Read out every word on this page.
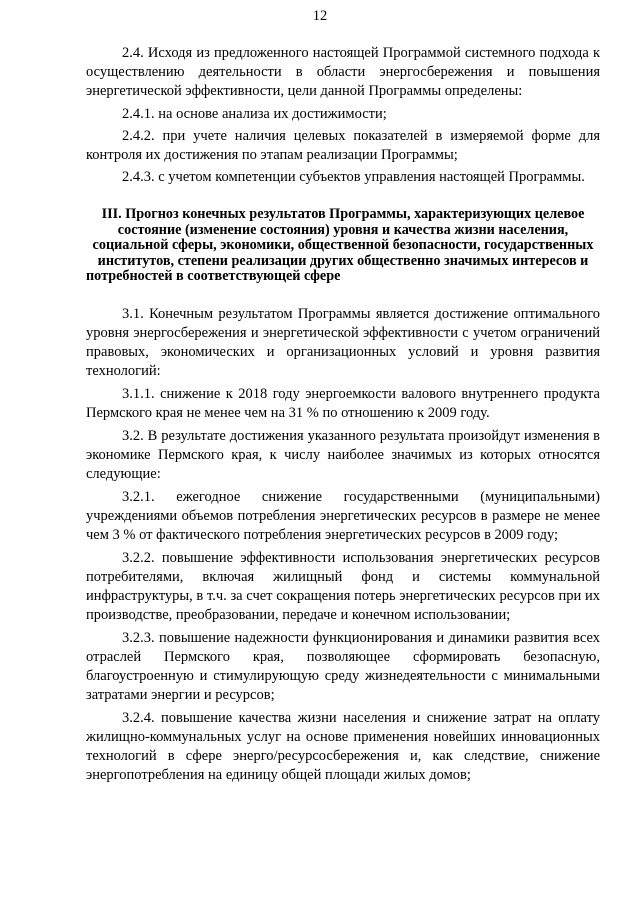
12

2.4. Исходя из предложенного настоящей Программой системного подхода к осуществлению деятельности в области энергосбережения и повышения энергетической эффективности, цели данной Программы определены:

2.4.1. на основе анализа их достижимости;

2.4.2. при учете наличия целевых показателей в измеряемой форме для контроля их достижения по этапам реализации Программы;

2.4.3. с учетом компетенции субъектов управления настоящей Программы.

III. Прогноз конечных результатов Программы, характеризующих целевое состояние (изменение состояния) уровня и качества жизни населения, социальной сферы, экономики, общественной безопасности, государственных институтов, степени реализации других общественно значимых интересов и потребностей в соответствующей сфере

3.1. Конечным результатом Программы является достижение оптимального уровня энергосбережения и энергетической эффективности с учетом ограничений правовых, экономических и организационных условий и уровня развития технологий:

3.1.1. снижение к 2018 году энергоемкости валового внутреннего продукта Пермского края не менее чем на 31 % по отношению к 2009 году.

3.2. В результате достижения указанного результата произойдут изменения в экономике Пермского края, к числу наиболее значимых из которых относятся следующие:

3.2.1. ежегодное снижение государственными (муниципальными) учреждениями объемов потребления энергетических ресурсов в размере не менее чем 3 % от фактического потребления энергетических ресурсов в 2009 году;

3.2.2. повышение эффективности использования энергетических ресурсов потребителями, включая жилищный фонд и системы коммунальной инфраструктуры, в т.ч. за счет сокращения потерь энергетических ресурсов при их производстве, преобразовании, передаче и конечном использовании;

3.2.3. повышение надежности функционирования и динамики развития всех отраслей Пермского края, позволяющее сформировать безопасную, благоустроенную и стимулирующую среду жизнедеятельности с минимальными затратами энергии и ресурсов;

3.2.4. повышение качества жизни населения и снижение затрат на оплату жилищно-коммунальных услуг на основе применения новейших инновационных технологий в сфере энерго/ресурсосбережения и, как следствие, снижение энергопотребления на единицу общей площади жилых домов;
